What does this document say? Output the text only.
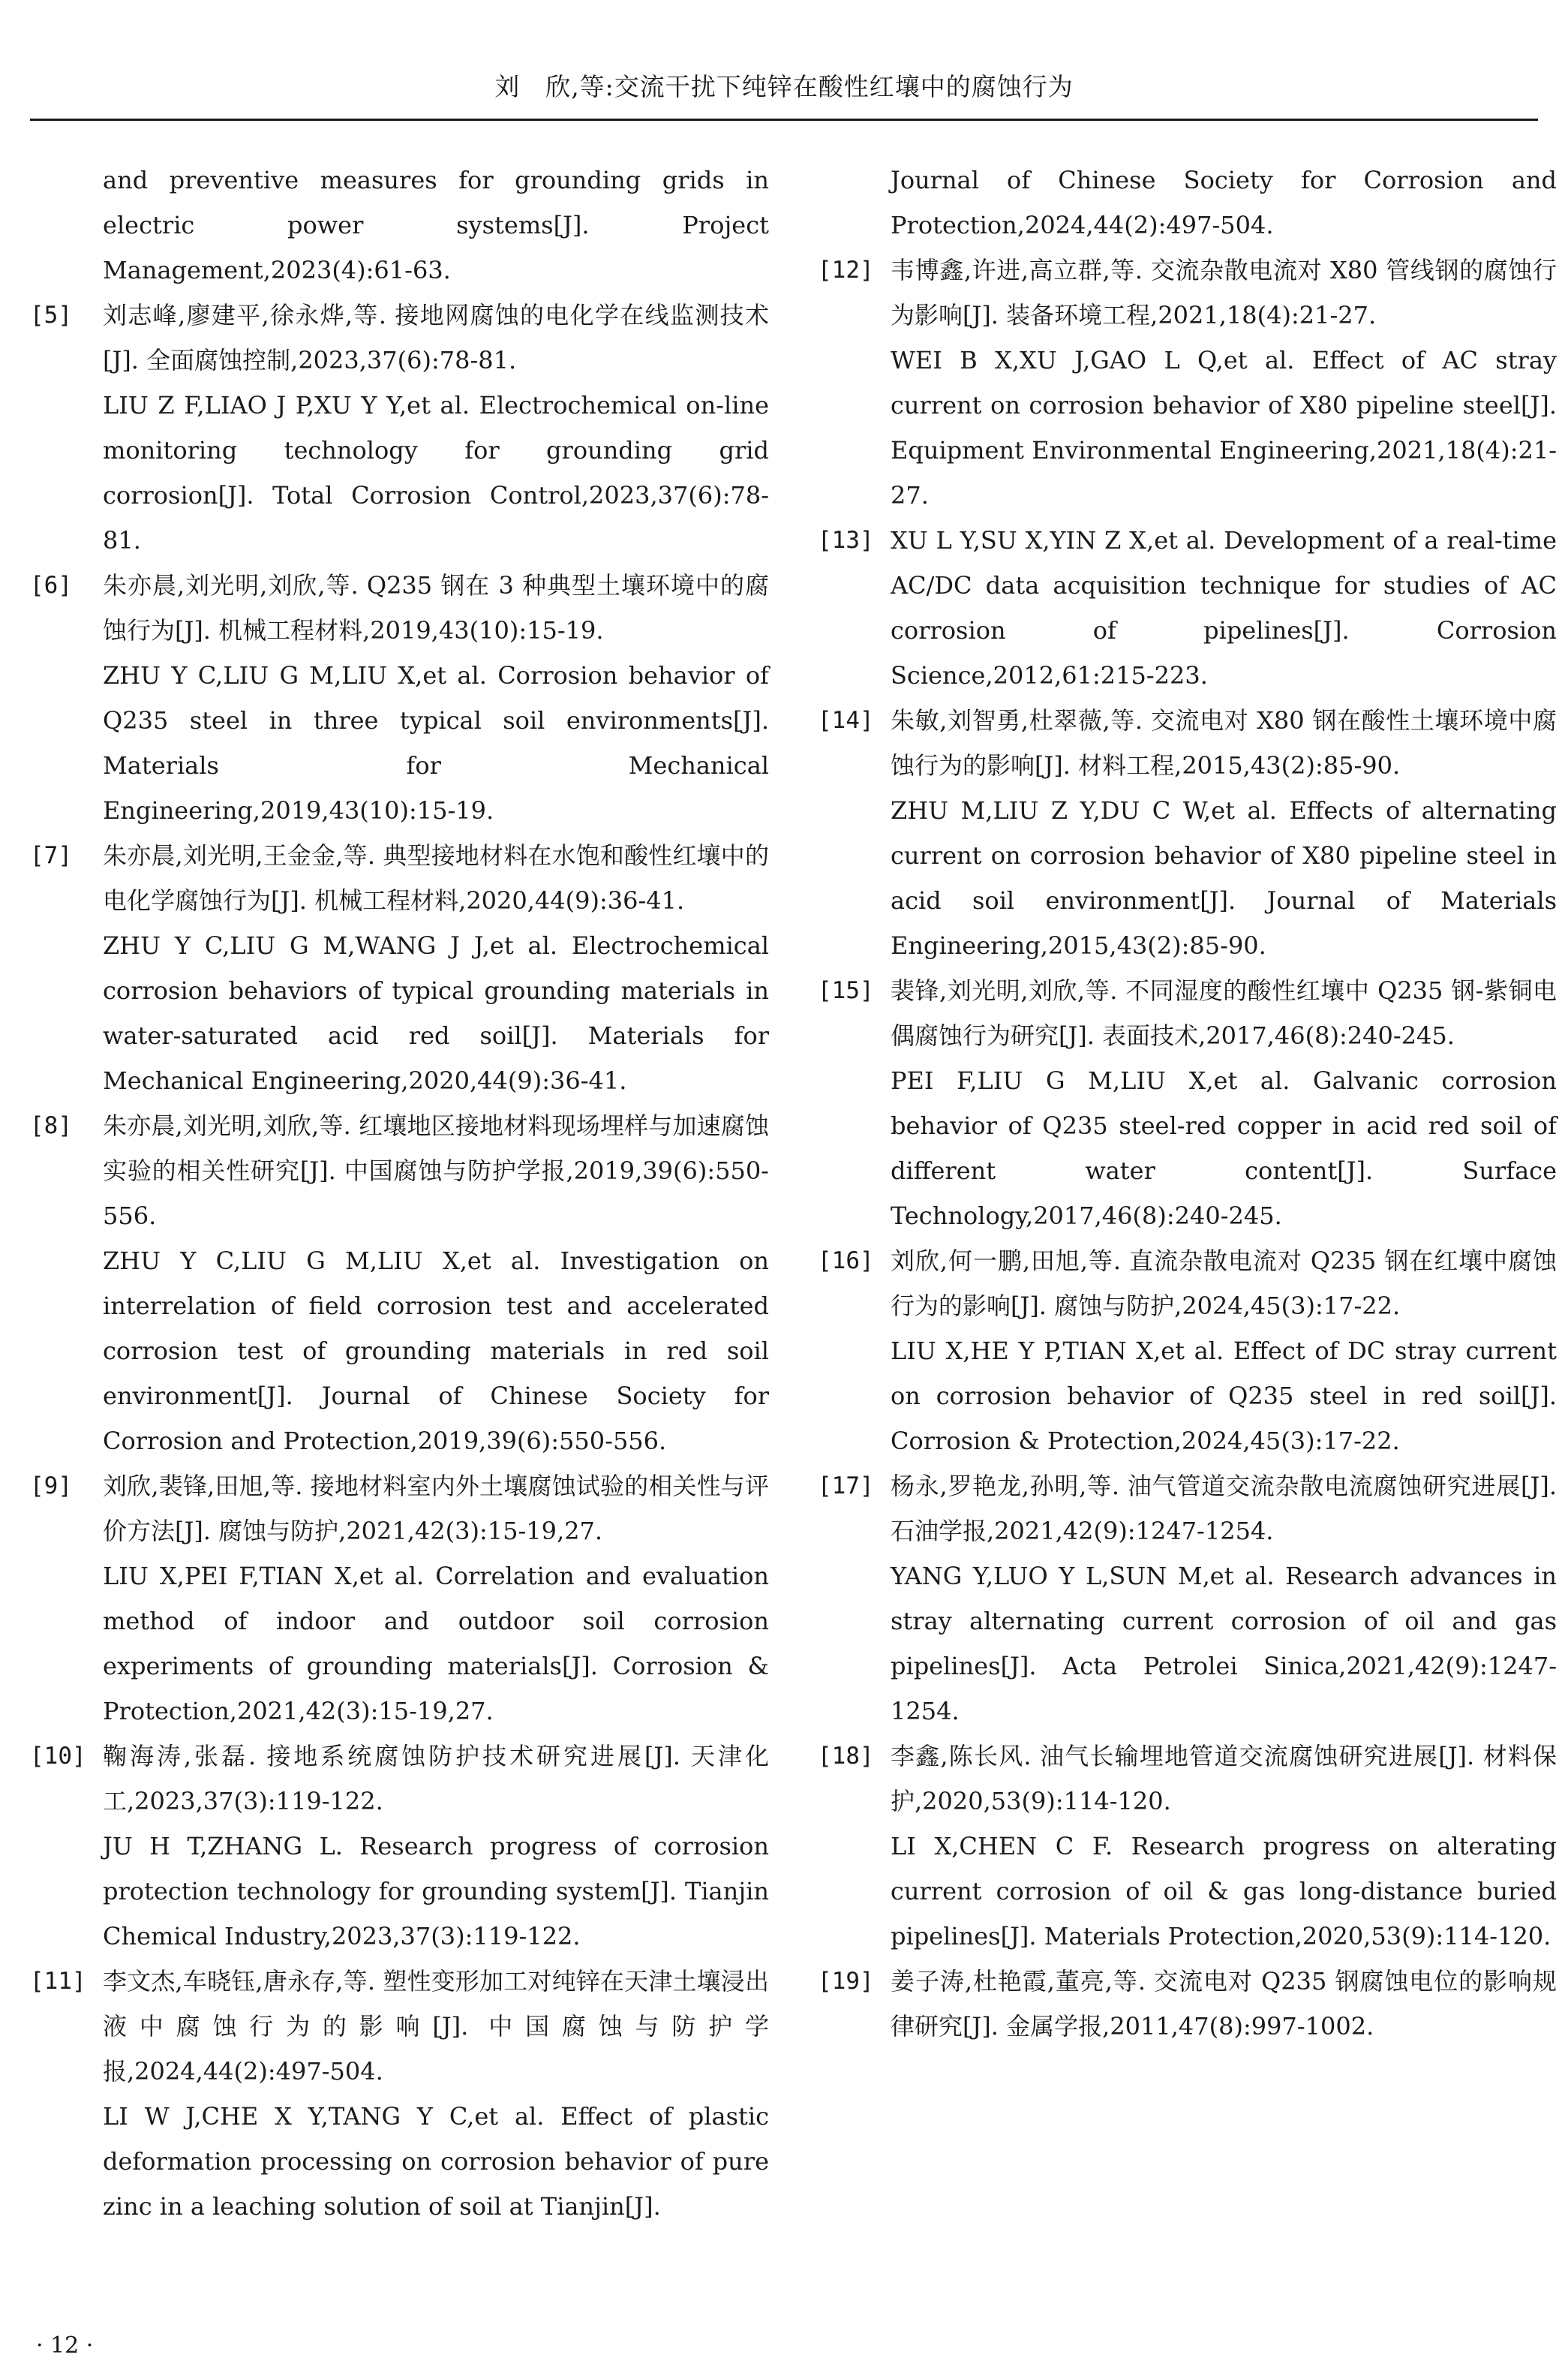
刘　欣,等:交流干扰下纯锌在酸性红壤中的腐蚀行为
and preventive measures for grounding grids in electric power systems[J]. Project Management,2023(4):61-63.
[5] 刘志峰,廖建平,徐永烨,等. 接地网腐蚀的电化学在线监测技术[J]. 全面腐蚀控制,2023,37(6):78-81.
LIU Z F,LIAO J P,XU Y Y,et al. Electrochemical on-line monitoring technology for grounding grid corrosion[J]. Total Corrosion Control,2023,37(6):78-81.
[6] 朱亦晨,刘光明,刘欣,等. Q235 钢在 3 种典型土壤环境中的腐蚀行为[J]. 机械工程材料,2019,43(10):15-19.
ZHU Y C,LIU G M,LIU X,et al. Corrosion behavior of Q235 steel in three typical soil environments[J]. Materials for Mechanical Engineering,2019,43(10):15-19.
[7] 朱亦晨,刘光明,王金金,等. 典型接地材料在水饱和酸性红壤中的电化学腐蚀行为[J]. 机械工程材料,2020,44(9):36-41.
ZHU Y C,LIU G M,WANG J J,et al. Electrochemical corrosion behaviors of typical grounding materials in water-saturated acid red soil[J]. Materials for Mechanical Engineering,2020,44(9):36-41.
[8] 朱亦晨,刘光明,刘欣,等. 红壤地区接地材料现场埋样与加速腐蚀实验的相关性研究[J]. 中国腐蚀与防护学报,2019,39(6):550-556.
ZHU Y C,LIU G M,LIU X,et al. Investigation on interrelation of field corrosion test and accelerated corrosion test of grounding materials in red soil environment[J]. Journal of Chinese Society for Corrosion and Protection,2019,39(6):550-556.
[9] 刘欣,裴锋,田旭,等. 接地材料室内外土壤腐蚀试验的相关性与评价方法[J]. 腐蚀与防护,2021,42(3):15-19,27.
LIU X,PEI F,TIAN X,et al. Correlation and evaluation method of indoor and outdoor soil corrosion experiments of grounding materials[J]. Corrosion & Protection,2021,42(3):15-19,27.
[10] 鞠海涛,张磊. 接地系统腐蚀防护技术研究进展[J]. 天津化工,2023,37(3):119-122.
JU H T,ZHANG L. Research progress of corrosion protection technology for grounding system[J]. Tianjin Chemical Industry,2023,37(3):119-122.
[11] 李文杰,车晓钰,唐永存,等. 塑性变形加工对纯锌在天津土壤浸出液中腐蚀行为的影响[J]. 中国腐蚀与防护学报,2024,44(2):497-504.
LI W J,CHE X Y,TANG Y C,et al. Effect of plastic deformation processing on corrosion behavior of pure zinc in a leaching solution of soil at Tianjin[J].
Journal of Chinese Society for Corrosion and Protection,2024,44(2):497-504.
[12] 韦博鑫,许进,高立群,等. 交流杂散电流对 X80 管线钢的腐蚀行为影响[J]. 装备环境工程,2021,18(4):21-27.
WEI B X,XU J,GAO L Q,et al. Effect of AC stray current on corrosion behavior of X80 pipeline steel[J]. Equipment Environmental Engineering,2021,18(4):21-27.
[13] XU L Y,SU X,YIN Z X,et al. Development of a real-time AC/DC data acquisition technique for studies of AC corrosion of pipelines[J]. Corrosion Science,2012,61:215-223.
[14] 朱敏,刘智勇,杜翠薇,等. 交流电对 X80 钢在酸性土壤环境中腐蚀行为的影响[J]. 材料工程,2015,43(2):85-90.
ZHU M,LIU Z Y,DU C W,et al. Effects of alternating current on corrosion behavior of X80 pipeline steel in acid soil environment[J]. Journal of Materials Engineering,2015,43(2):85-90.
[15] 裴锋,刘光明,刘欣,等. 不同湿度的酸性红壤中 Q235 钢-紫铜电偶腐蚀行为研究[J]. 表面技术,2017,46(8):240-245.
PEI F,LIU G M,LIU X,et al. Galvanic corrosion behavior of Q235 steel-red copper in acid red soil of different water content[J]. Surface Technology,2017,46(8):240-245.
[16] 刘欣,何一鹏,田旭,等. 直流杂散电流对 Q235 钢在红壤中腐蚀行为的影响[J]. 腐蚀与防护,2024,45(3):17-22.
LIU X,HE Y P,TIAN X,et al. Effect of DC stray current on corrosion behavior of Q235 steel in red soil[J]. Corrosion & Protection,2024,45(3):17-22.
[17] 杨永,罗艳龙,孙明,等. 油气管道交流杂散电流腐蚀研究进展[J]. 石油学报,2021,42(9):1247-1254.
YANG Y,LUO Y L,SUN M,et al. Research advances in stray alternating current corrosion of oil and gas pipelines[J]. Acta Petrolei Sinica,2021,42(9):1247-1254.
[18] 李鑫,陈长风. 油气长输埋地管道交流腐蚀研究进展[J]. 材料保护,2020,53(9):114-120.
LI X,CHEN C F. Research progress on alterating current corrosion of oil & gas long-distance buried pipelines[J]. Materials Protection,2020,53(9):114-120.
[19] 姜子涛,杜艳霞,董亮,等. 交流电对 Q235 钢腐蚀电位的影响规律研究[J]. 金属学报,2011,47(8):997-1002.
· 12 ·
